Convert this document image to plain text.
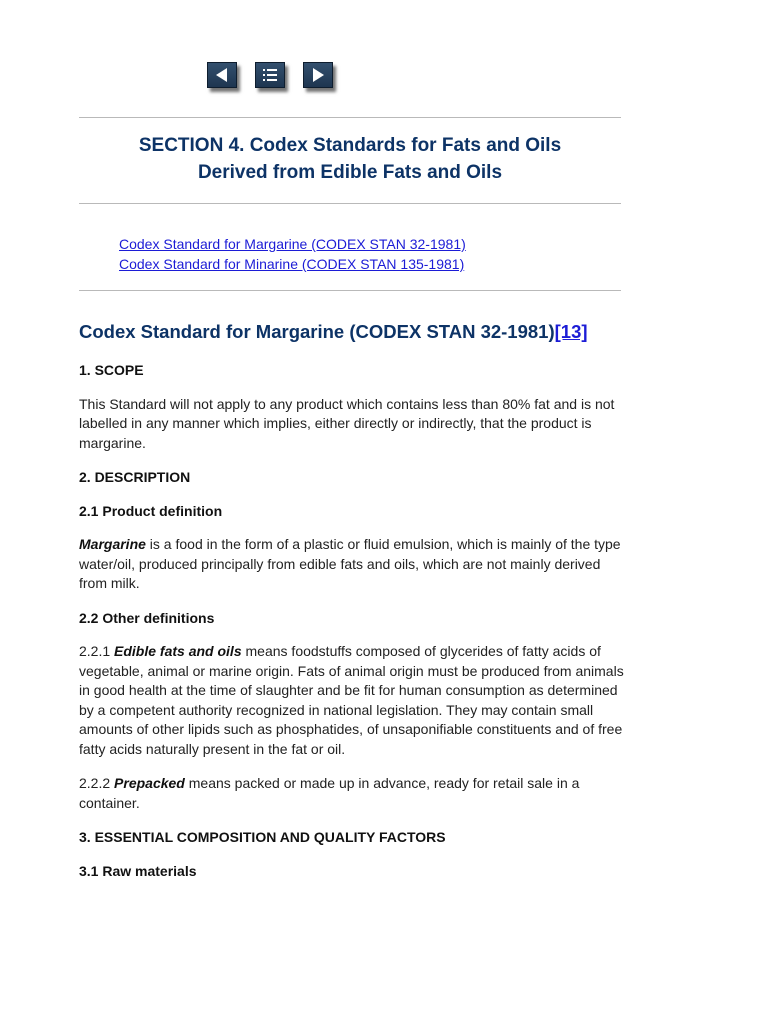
SECTION 4. Codex Standards for Fats and Oils
Derived from Edible Fats and Oils
Codex Standard for Margarine (CODEX STAN 32-1981)
Codex Standard for Minarine (CODEX STAN 135-1981)
Codex Standard for Margarine (CODEX STAN 32-1981)[13]
1. SCOPE

This Standard will not apply to any product which contains less than 80% fat and is not labelled in any manner which implies, either directly or indirectly, that the product is margarine.

2. DESCRIPTION
2.1 Product definition

Margarine is a food in the form of a plastic or fluid emulsion, which is mainly of the type water/oil, produced principally from edible fats and oils, which are not mainly derived from milk.

2.2 Other definitions

2.2.1 Edible fats and oils means foodstuffs composed of glycerides of fatty acids of vegetable, animal or marine origin. Fats of animal origin must be produced from animals in good health at the time of slaughter and be fit for human consumption as determined by a competent authority recognized in national legislation. They may contain small amounts of other lipids such as phosphatides, of unsaponifiable constituents and of free fatty acids naturally present in the fat or oil.

2.2.2 Prepacked means packed or made up in advance, ready for retail sale in a container.

3. ESSENTIAL COMPOSITION AND QUALITY FACTORS
3.1 Raw materials
